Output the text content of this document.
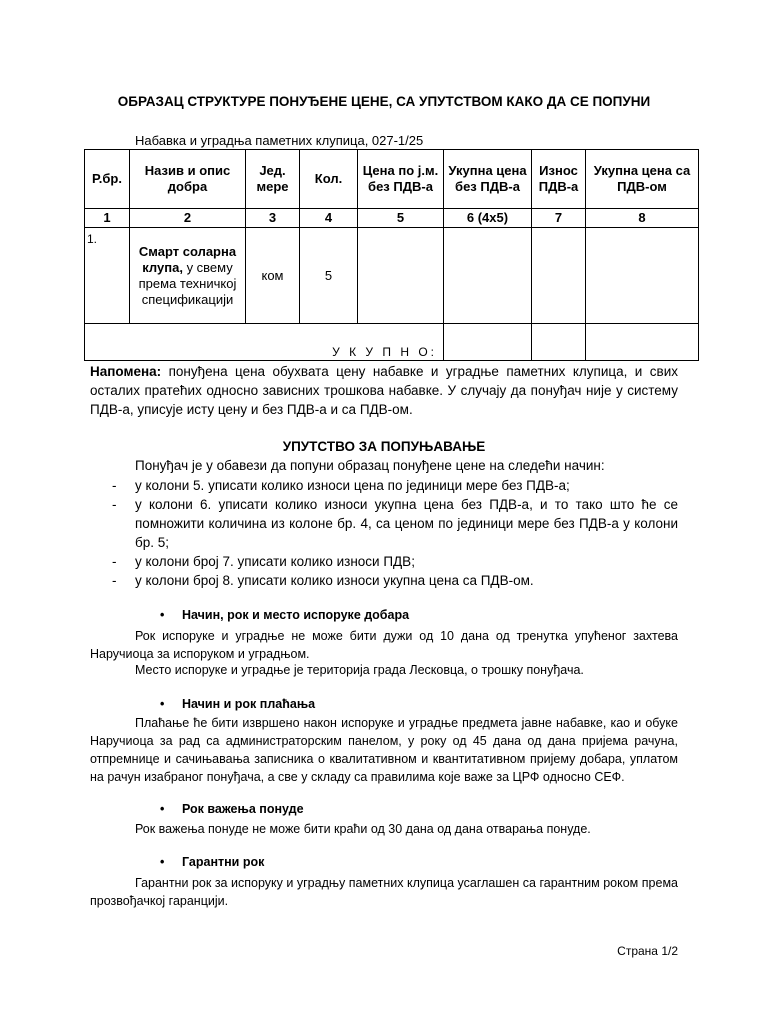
ОБРАЗАЦ СТРУКТУРЕ ПОНУЂЕНЕ ЦЕНЕ, СА УПУТСТВОМ КАКО ДА СЕ ПОПУНИ
Набавка и уградња паметних клупица, 027-1/25
Р.бр.	Назив и опис добра	Јед. мере	Кол.	Цена по ј.м. без ПДВ-а	Укупна цена без ПДВ-а	Износ ПДВ-а	Укупна цена са ПДВ-ом
1	2	3	4	5	6 (4x5)	7	8
1.	Смарт соларна клупа, у свему према техничкој спецификацији	ком	5				
У К У П Н О:							
Напомена: понуђена цена обухвата цену набавке и уградње паметних клупица, и свих осталих пратећих односно зависних трошкова набавке. У случају да понуђач није у систему ПДВ-а, уписује исту цену и без ПДВ-а и са ПДВ-ом.
УПУТСТВО ЗА ПОПУЊАВАЊЕ
Понуђач је у обавези да попуни образац понуђене цене на следећи начин:
- у колони 5. уписати колико износи цена по јединици мере без ПДВ-а;
- у колони 6. уписати колико износи укупна цена без ПДВ-а, и то тако што ће се помножити количина из колоне бр. 4, са ценом по јединици мере без ПДВ-а у колони бр. 5;
- у колони број 7. уписати колико износи ПДВ;
- у колони број 8. уписати колико износи укупна цена са ПДВ-ом.
• Начин, рок и место испоруке добара
Рок испоруке и уградње не може бити дужи од 10 дана од тренутка упућеног захтева Наручиоца за испоруком и уградњом.
Место испоруке и уградње је територија града Лесковца, о трошку понуђача.
• Начин и рок плаћања
Плаћање ће бити извршено након испоруке и уградње предмета јавне набавке, као и обуке Наручиоца за рад са администраторским панелом, у року од 45 дана од дана пријема рачуна, отпремнице и сачињавања записника о квалитативном и квантитативном пријему добара, уплатом на рачун изабраног понуђача, а све у складу са правилима које важе за ЦРФ односно СЕФ.
• Рок важења понуде
Рок важења понуде не може бити краћи од 30 дана од дана отварања понуде.
• Гарантни рок
Гарантни рок за испоруку и уградњу паметних клупица усаглашен са гарантним роком према прозвођачкој гаранцији.
Страна 1/2
